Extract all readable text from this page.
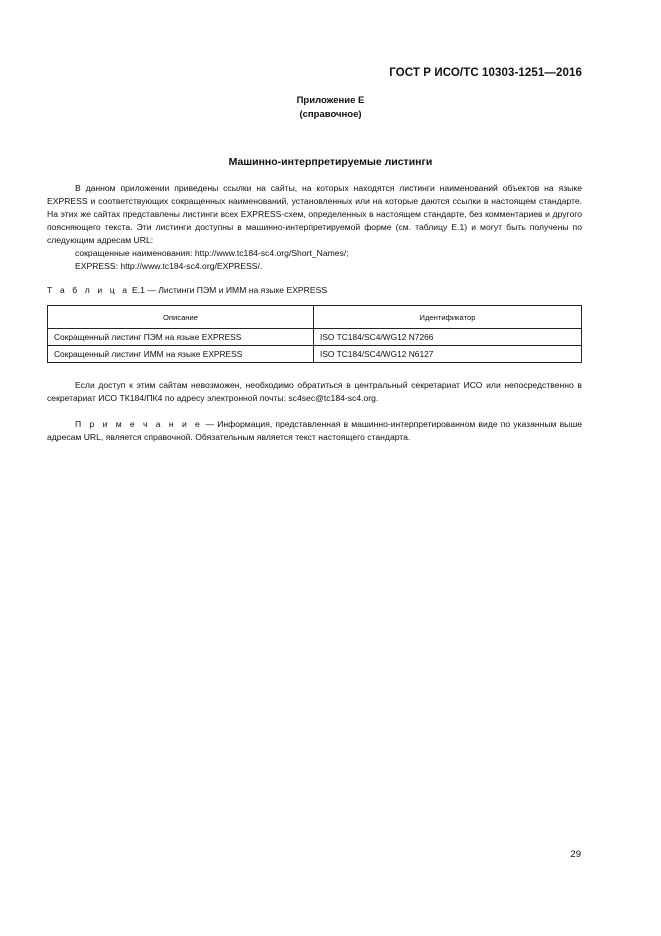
ГОСТ Р ИСО/ТС 10303-1251—2016
Приложение Е
(справочное)
Машинно-интерпретируемые листинги

В данном приложении приведены ссылки на сайты, на которых находятся листинги наименований объектов на языке EXPRESS и соответствующих сокращенных наименований, установленных или на которые даются ссылки в настоящем стандарте. На этих же сайтах представлены листинги всех EXPRESS-схем, определенных в настоящем стандарте, без комментариев и другого поясняющего текста. Эти листинги доступны в машинно-интерпретируемой форме (см. таблицу Е.1) и могут быть получены по следующим адресам URL:

сокращенные наименования: http://www.tc184-sc4.org/Short_Names/;

EXPRESS: http://www.tc184-sc4.org/EXPRESS/.

Т а б л и ц а Е.1 — Листинги ПЭМ и ИММ на языке EXPRESS
Описание	Идентификатор
Сокращенный листинг ПЭМ на языке EXPRESS	ISO TC184/SC4/WG12 N7266
Сокращенный листинг ИММ на языке EXPRESS	ISO TC184/SC4/WG12 N6127

Если доступ к этим сайтам невозможен, необходимо обратиться в центральный секретариат ИСО или непосредственно в секретариат ИСО ТК184/ПК4 по адресу электронной почты: sc4sec@tc184-sc4.org.

П р и м е ч а н и е — Информация, представленная в машинно-интерпретированном виде по указанным выше адресам URL, является справочной. Обязательным является текст настоящего стандарта.

29
